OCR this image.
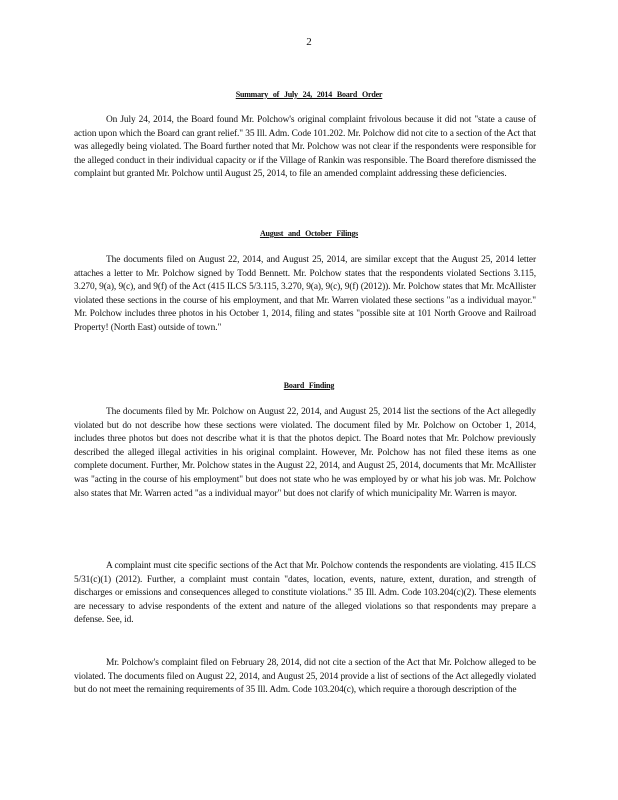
2
Summary of July 24, 2014 Board Order

On July 24, 2014, the Board found Mr. Polchow's original complaint frivolous because it did not "state a cause of action upon which the Board can grant relief." 35 Ill. Adm. Code 101.202. Mr. Polchow did not cite to a section of the Act that was allegedly being violated. The Board further noted that Mr. Polchow was not clear if the respondents were responsible for the alleged conduct in their individual capacity or if the Village of Rankin was responsible. The Board therefore dismissed the complaint but granted Mr. Polchow until August 25, 2014, to file an amended complaint addressing these deficiencies.

August and October Filings

The documents filed on August 22, 2014, and August 25, 2014, are similar except that the August 25, 2014 letter attaches a letter to Mr. Polchow signed by Todd Bennett. Mr. Polchow states that the respondents violated Sections 3.115, 3.270, 9(a), 9(c), and 9(f) of the Act (415 ILCS 5/3.115, 3.270, 9(a), 9(c), 9(f) (2012)). Mr. Polchow states that Mr. McAllister violated these sections in the course of his employment, and that Mr. Warren violated these sections "as a individual mayor." Mr. Polchow includes three photos in his October 1, 2014, filing and states "possible site at 101 North Groove and Railroad Property! (North East) outside of town."

Board Finding

The documents filed by Mr. Polchow on August 22, 2014, and August 25, 2014 list the sections of the Act allegedly violated but do not describe how these sections were violated. The document filed by Mr. Polchow on October 1, 2014, includes three photos but does not describe what it is that the photos depict. The Board notes that Mr. Polchow previously described the alleged illegal activities in his original complaint. However, Mr. Polchow has not filed these items as one complete document. Further, Mr. Polchow states in the August 22, 2014, and August 25, 2014, documents that Mr. McAllister was "acting in the course of his employment" but does not state who he was employed by or what his job was. Mr. Polchow also states that Mr. Warren acted "as a individual mayor" but does not clarify of which municipality Mr. Warren is mayor.

A complaint must cite specific sections of the Act that Mr. Polchow contends the respondents are violating. 415 ILCS 5/31(c)(1) (2012). Further, a complaint must contain "dates, location, events, nature, extent, duration, and strength of discharges or emissions and consequences alleged to constitute violations." 35 Ill. Adm. Code 103.204(c)(2). These elements are necessary to advise respondents of the extent and nature of the alleged violations so that respondents may prepare a defense. See, id.

Mr. Polchow's complaint filed on February 28, 2014, did not cite a section of the Act that Mr. Polchow alleged to be violated. The documents filed on August 22, 2014, and August 25, 2014 provide a list of sections of the Act allegedly violated but do not meet the remaining requirements of 35 Ill. Adm. Code 103.204(c), which require a thorough description of the
